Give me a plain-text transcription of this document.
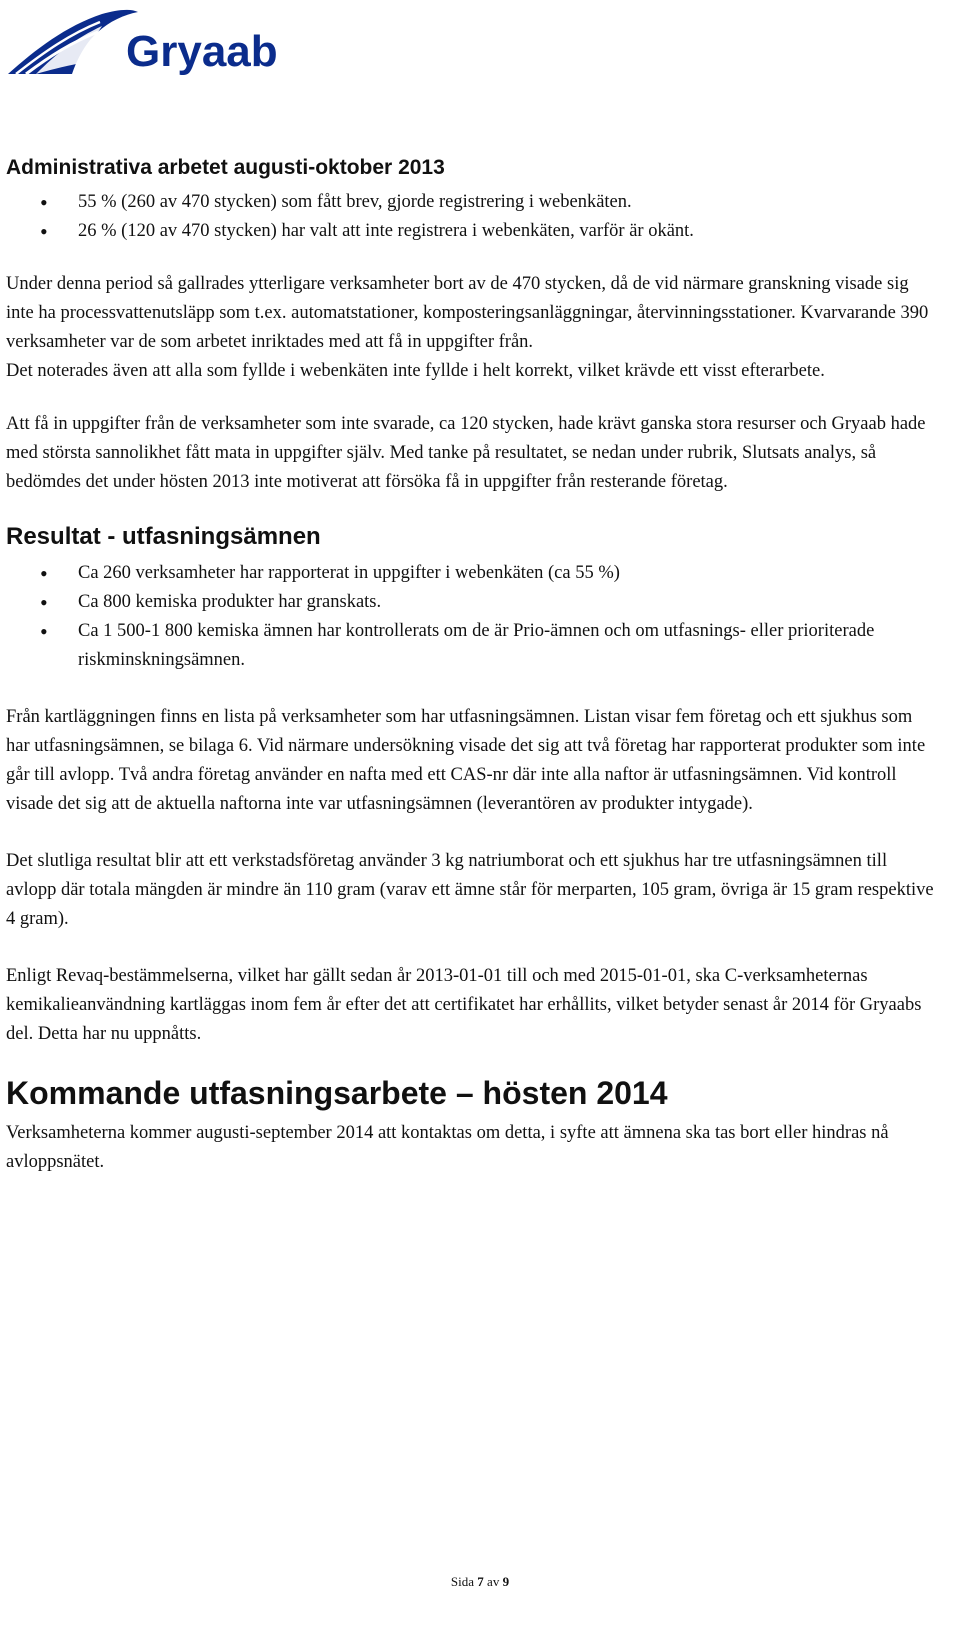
Gryaab
Administrativa arbetet augusti-oktober 2013
• 55 % (260 av 470 stycken) som fått brev, gjorde registrering i webenkäten.
• 26 % (120 av 470 stycken) har valt att inte registrera i webenkäten, varför är okänt.

Under denna period så gallrades ytterligare verksamheter bort av de 470 stycken, då de vid närmare granskning visade sig inte ha processvattenutsläpp som t.ex. automatstationer, komposteringsanläggningar, återvinningsstationer. Kvarvarande 390 verksamheter var de som arbetet inriktades med att få in uppgifter från.

Det noterades även att alla som fyllde i webenkäten inte fyllde i helt korrekt, vilket krävde ett visst efterarbete.

Att få in uppgifter från de verksamheter som inte svarade, ca 120 stycken, hade krävt ganska stora resurser och Gryaab hade med största sannolikhet fått mata in uppgifter själv. Med tanke på resultatet, se nedan under rubrik, Slutsats analys, så bedömdes det under hösten 2013 inte motiverat att försöka få in uppgifter från resterande företag.

Resultat - utfasningsämnen
• Ca 260 verksamheter har rapporterat in uppgifter i webenkäten (ca 55 %)
• Ca 800 kemiska produkter har granskats.
• Ca 1 500-1 800 kemiska ämnen har kontrollerats om de är Prio-ämnen och om utfasnings- eller prioriterade riskminskningsämnen.

Från kartläggningen finns en lista på verksamheter som har utfasningsämnen. Listan visar fem företag och ett sjukhus som har utfasningsämnen, se bilaga 6. Vid närmare undersökning visade det sig att två företag har rapporterat produkter som inte går till avlopp. Två andra företag använder en nafta med ett CAS-nr där inte alla naftor är utfasningsämnen. Vid kontroll visade det sig att de aktuella naftorna inte var utfasningsämnen (leverantören av produkter intygade).

Det slutliga resultat blir att ett verkstadsföretag använder 3 kg natriumborat och ett sjukhus har tre utfasningsämnen till avlopp där totala mängden är mindre än 110 gram (varav ett ämne står för merparten, 105 gram, övriga är 15 gram respektive 4 gram).

Enligt Revaq-bestämmelserna, vilket har gällt sedan år 2013-01-01 till och med 2015-01-01, ska C-verksamheternas kemikalieanvändning kartläggas inom fem år efter det att certifikatet har erhållits, vilket betyder senast år 2014 för Gryaabs del. Detta har nu uppnåtts.

Kommande utfasningsarbete – hösten 2014

Verksamheterna kommer augusti-september 2014 att kontaktas om detta, i syfte att ämnena ska tas bort eller hindras nå avloppsnätet.

Sida 7 av 9
